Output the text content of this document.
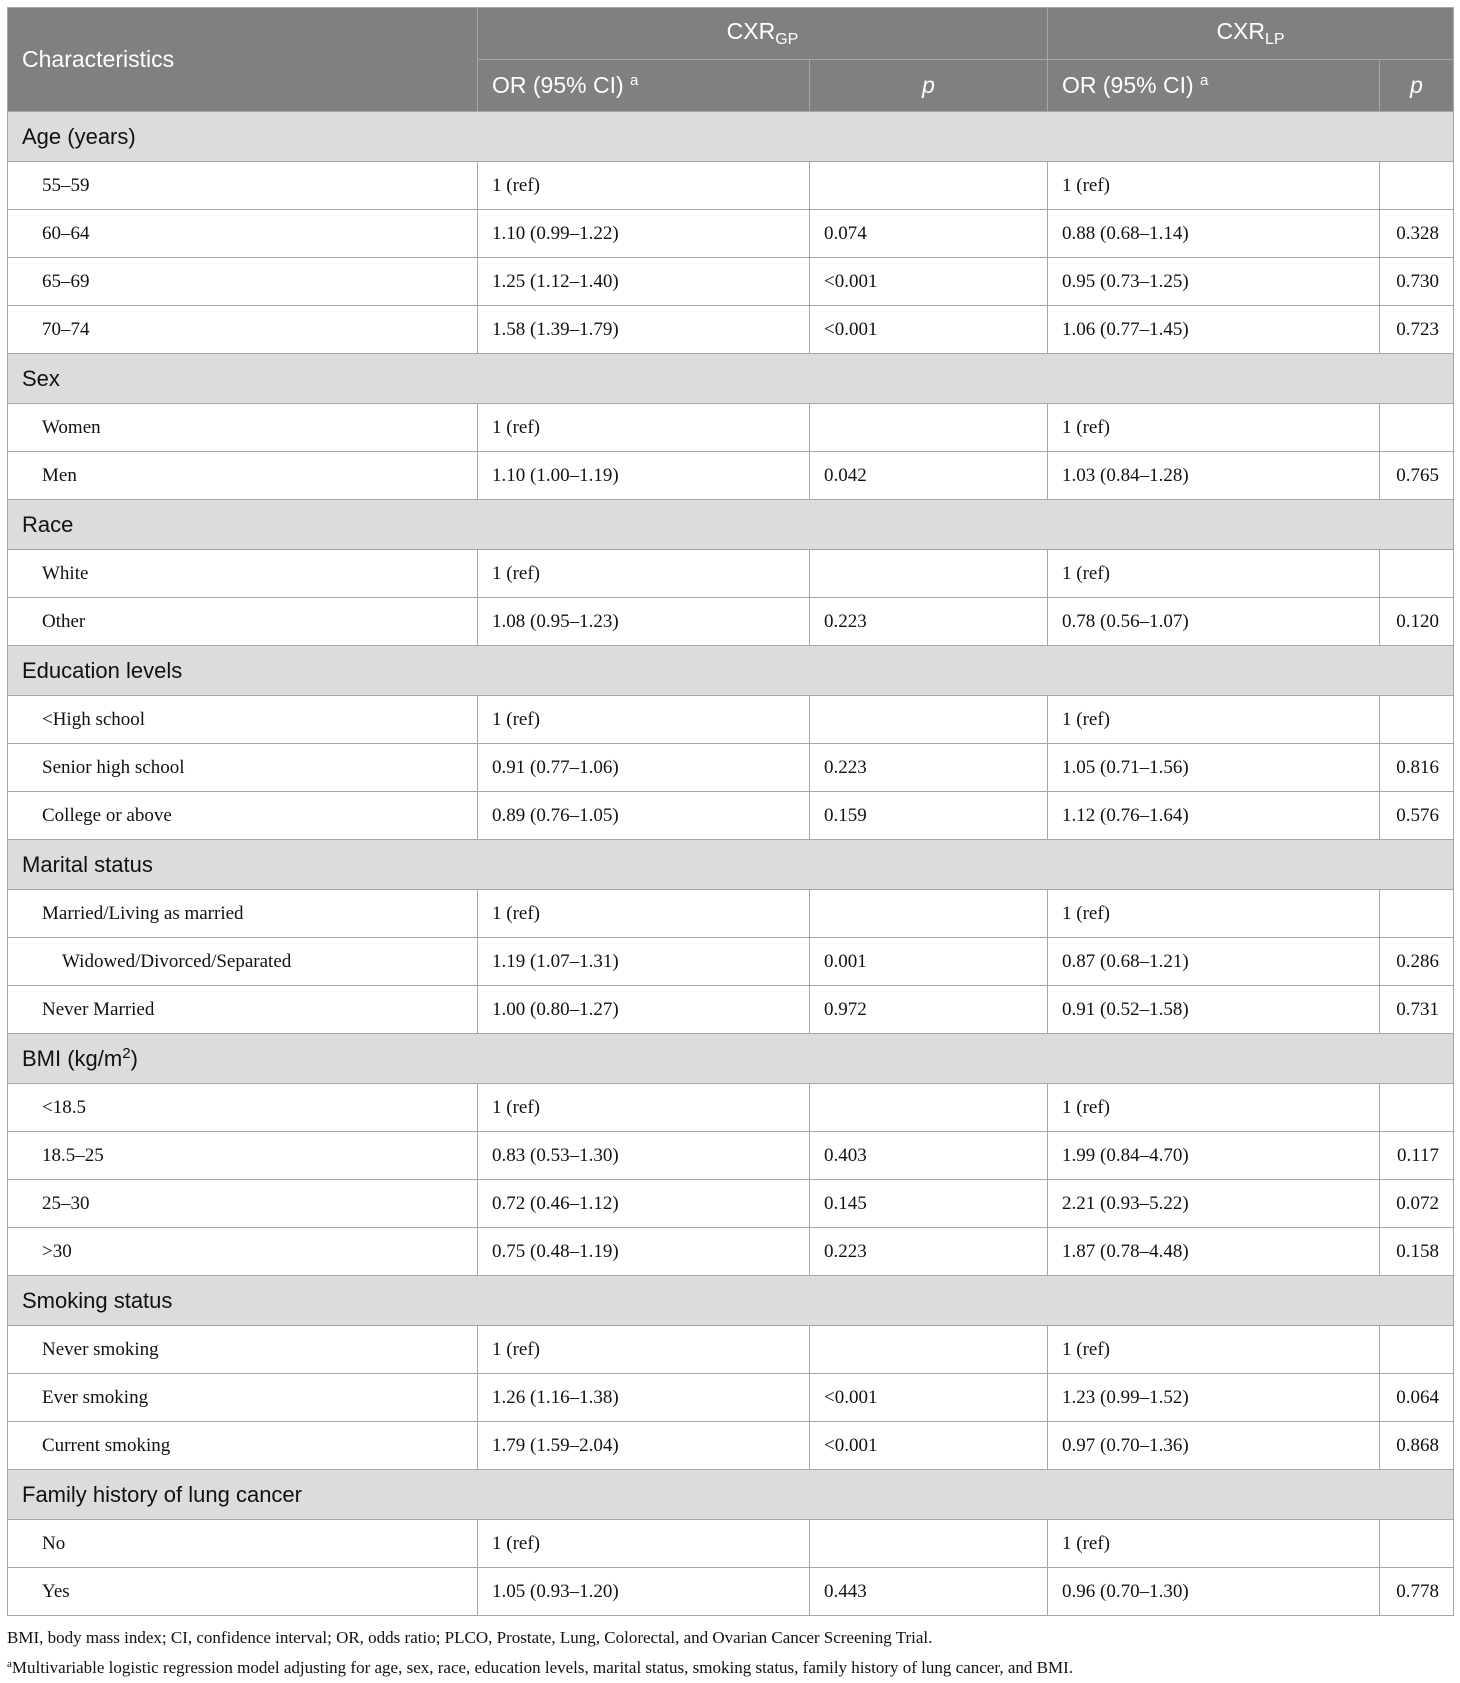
Characteristics	$CXR_{GP}$		$CXR_{LP}$
	OR (95% CI) $^a$	p	OR (95% CI) $^a$	p
Age (years)				
55–59	1 (ref)		1 (ref)	
60–64	1.10 (0.99–1.22)	0.074	0.88 (0.68–1.14)	0.328
65–69	1.25 (1.12–1.40)	<0.001	0.95 (0.73–1.25)	0.730
70–74	1.58 (1.39–1.79)	<0.001	1.06 (0.77–1.45)	0.723
Sex				
Women	1 (ref)		1 (ref)	
Men	1.10 (1.00–1.19)	0.042	1.03 (0.84–1.28)	0.765
Race				
White	1 (ref)		1 (ref)	
Other	1.08 (0.95–1.23)	0.223	0.78 (0.56–1.07)	0.120
Education levels				
<High school	1 (ref)		1 (ref)	
Senior high school	0.91 (0.77–1.06)	0.223	1.05 (0.71–1.56)	0.816
College or above	0.89 (0.76–1.05)	0.159	1.12 (0.76–1.64)	0.576
Marital status				
Married/Living as married	1 (ref)		1 (ref)	
Widowed/Divorced/Separated	1.19 (1.07–1.31)	0.001	0.87 (0.68–1.21)	0.286
Never Married	1.00 (0.80–1.27)	0.972	0.91 (0.52–1.58)	0.731
BMI $(kg/m^2)$				
<18.5	1 (ref)		1 (ref)	
18.5–25	0.83 (0.53–1.30)	0.403	1.99 (0.84–4.70)	0.117
25–30	0.72 (0.46–1.12)	0.145	2.21 (0.93–5.22)	0.072
>30	0.75 (0.48–1.19)	0.223	1.87 (0.78–4.48)	0.158
Smoking status				
Never smoking	1 (ref)		1 (ref)	
Ever smoking	1.26 (1.16–1.38)	<0.001	1.23 (0.99–1.52)	0.064
Current smoking	1.79 (1.59–2.04)	<0.001	0.97 (0.70–1.36)	0.868
Family history of lung cancer				
No	1 (ref)		1 (ref)	
Yes	1.05 (0.93–1.20)	0.443	0.96 (0.70–1.30)	0.778
BMI, body mass index; CI, confidence interval; OR, odds ratio; PLCO, Prostate, Lung, Colorectal, and Ovarian Cancer Screening Trial.
$^a$Multivariable logistic regression model adjusting for age, sex, race, education levels, marital status, smoking status, family history of lung cancer, and BMI.
